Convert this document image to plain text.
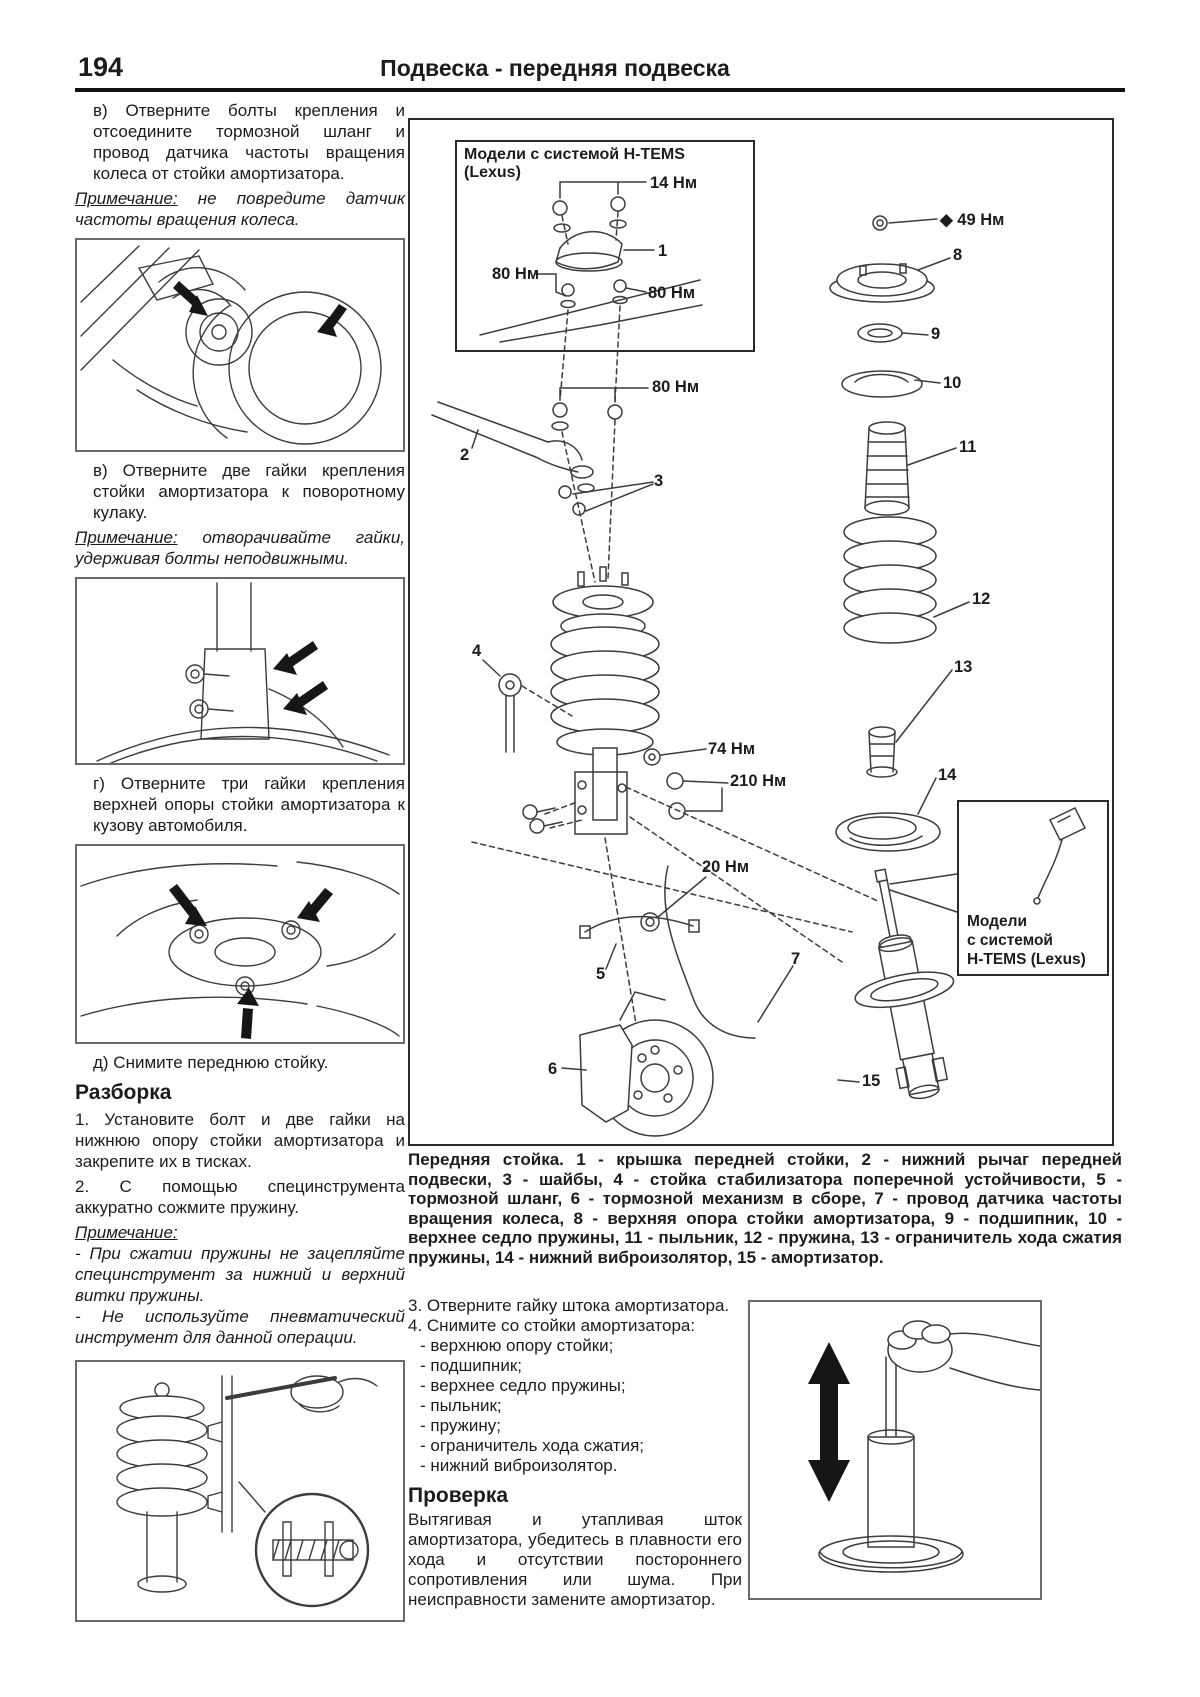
194	Подвеска - передняя подвеска

в) Отверните болты крепления и отсоедините тормозной шланг и провод датчика частоты вращения колеса от стойки амортизатора.

Примечание: не повредите датчик частоты вращения колеса.

в) Отверните две гайки крепления стойки амортизатора к поворотному кулаку.

Примечание: отворачивайте гайки, удерживая болты неподвижными.

г) Отверните три гайки крепления верхней опоры стойки амортизатора к кузову автомобиля.

д) Снимите переднюю стойку.

Разборка

1. Установите болт и две гайки на нижнюю опору стойки амортизатора и закрепите их в тисках.

2. С помощью специнструмента аккуратно сожмите пружину.

Примечание:

- При сжатии пружины не зацепляйте специнструмент за нижний и верхний витки пружины.

- Не используйте пневматический инструмент для данной операции.

Модели с системой H-TEMS (Lexus)
Модели
с системой
H-TEMS (Lexus)
14 Нм
1
80 Нм
80 Нм
80 Нм
2
3
4
74 Нм
210 Нм
20 Нм
5
7
6
◆ 49 Нм
8
9
10
11
12
13
14
15
Передняя стойка. 1 - крышка передней стойки, 2 - нижний рычаг передней подвески, 3 - шайбы, 4 - стойка стабилизатора поперечной устойчивости, 5 - тормозной шланг, 6 - тормозной механизм в сборе, 7 - провод датчика частоты вращения колеса, 8 - верхняя опора стойки амортизатора, 9 - подшипник, 10 - верхнее седло пружины, 11 - пыльник, 12 - пружина, 13 - ограничитель хода сжатия пружины, 14 - нижний виброизолятор, 15 - амортизатор.

3. Отверните гайку штока амортизатора.

4. Снимите со стойки амортизатора:

- верхнюю опору стойки;

- подшипник;

- верхнее седло пружины;

- пыльник;

- пружину;

- ограничитель хода сжатия;

- нижний виброизолятор.

Проверка

Вытягивая и утапливая шток амортизатора, убедитесь в плавности его хода и отсутствии постороннего сопротивления или шума. При неисправности замените амортизатор.
